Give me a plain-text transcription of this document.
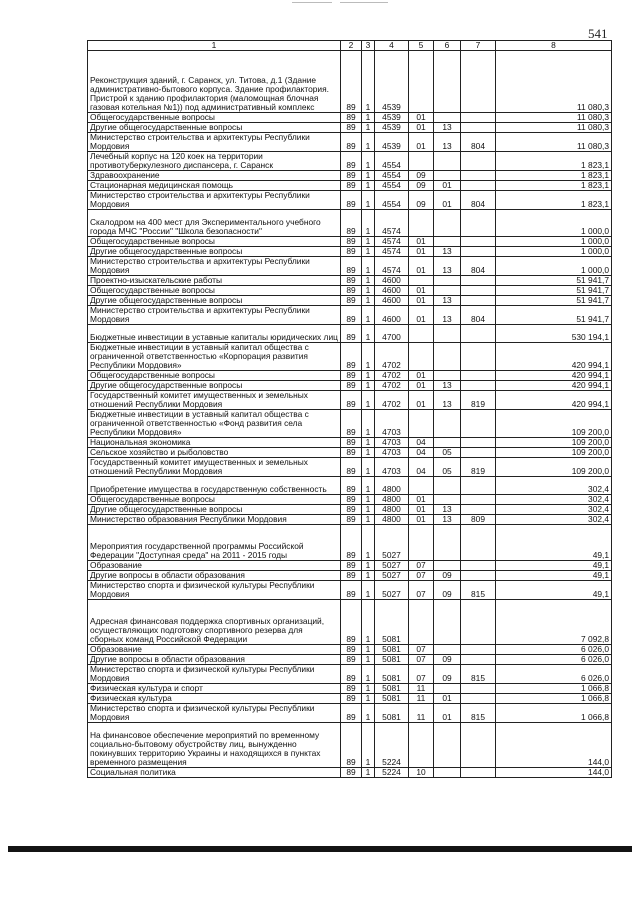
541
1	2	3	4	5	6	7	8
Реконструкция зданий, г. Саранск, ул. Титова, д.1 (Здание административно-бытового корпуса. Здание профилактория. Пристрой к зданию профилактория (маломощная блочная газовая котельная №1)) под административный комплекс	89	1	4539				11 080,3
Общегосударственные вопросы	89	1	4539	01			11 080,3
Другие общегосударственные вопросы	89	1	4539	01	13		11 080,3
Министерство строительства и архитектуры Республики Мордовия	89	1	4539	01	13	804	11 080,3
Лечебный корпус на 120 коек на территории противотуберкулезного диспансера, г. Саранск	89	1	4554				1 823,1
Здравоохранение	89	1	4554	09			1 823,1
Стационарная медицинская помощь	89	1	4554	09	01		1 823,1
Министерство строительства и архитектуры Республики Мордовия	89	1	4554	09	01	804	1 823,1
Скалодром на 400 мест для Экспериментального учебного города МЧС "России" "Школа безопасности"	89	1	4574				1 000,0
Общегосударственные вопросы	89	1	4574	01			1 000,0
Другие общегосударственные вопросы	89	1	4574	01	13		1 000,0
Министерство строительства и архитектуры Республики Мордовия	89	1	4574	01	13	804	1 000,0
Проектно-изыскательские работы	89	1	4600				51 941,7
Общегосударственные вопросы	89	1	4600	01			51 941,7
Другие общегосударственные вопросы	89	1	4600	01	13		51 941,7
Министерство строительства и архитектуры Республики Мордовия	89	1	4600	01	13	804	51 941,7
Бюджетные инвестиции в уставные капиталы юридических лиц	89	1	4700				530 194,1
Бюджетные инвестиции в уставный капитал общества с ограниченной ответственностью «Корпорация развития Республики Мордовия»	89	1	4702				420 994,1
Общегосударственные вопросы	89	1	4702	01			420 994,1
Другие общегосударственные вопросы	89	1	4702	01	13		420 994,1
Государственный комитет имущественных и земельных отношений Республики Мордовия	89	1	4702	01	13	819	420 994,1
Бюджетные инвестиции в уставный капитал общества с ограниченной ответственностью «Фонд развития села Республики Мордовия»	89	1	4703				109 200,0
Национальная экономика	89	1	4703	04			109 200,0
Сельское хозяйство и рыболовство	89	1	4703	04	05		109 200,0
Государственный комитет имущественных и земельных отношений Республики Мордовия	89	1	4703	04	05	819	109 200,0
Приобретение имущества в государственную собственность	89	1	4800				302,4
Общегосударственные вопросы	89	1	4800	01			302,4
Другие общегосударственные вопросы	89	1	4800	01	13		302,4
Министерство образования Республики Мордовия	89	1	4800	01	13	809	302,4
Мероприятия государственной программы Российской Федерации "Доступная среда" на 2011 - 2015 годы	89	1	5027				49,1
Образование	89	1	5027	07			49,1
Другие вопросы в области образования	89	1	5027	07	09		49,1
Министерство спорта и физической культуры Республики Мордовия	89	1	5027	07	09	815	49,1
Адресная финансовая поддержка спортивных организаций, осуществляющих подготовку спортивного резерва для сборных команд Российской Федерации	89	1	5081				7 092,8
Образование	89	1	5081	07			6 026,0
Другие вопросы в области образования	89	1	5081	07	09		6 026,0
Министерство спорта и физической культуры Республики Мордовия	89	1	5081	07	09	815	6 026,0
Физическая культура и спорт	89	1	5081	11			1 066,8
Физическая культура	89	1	5081	11	01		1 066,8
Министерство спорта и физической культуры Республики Мордовия	89	1	5081	11	01	815	1 066,8
На финансовое обеспечение мероприятий по временному социально-бытовому обустройству лиц, вынужденно покинувших территорию Украины и находящихся в пунктах временного размещения	89	1	5224				144,0
Социальная политика	89	1	5224	10			144,0
